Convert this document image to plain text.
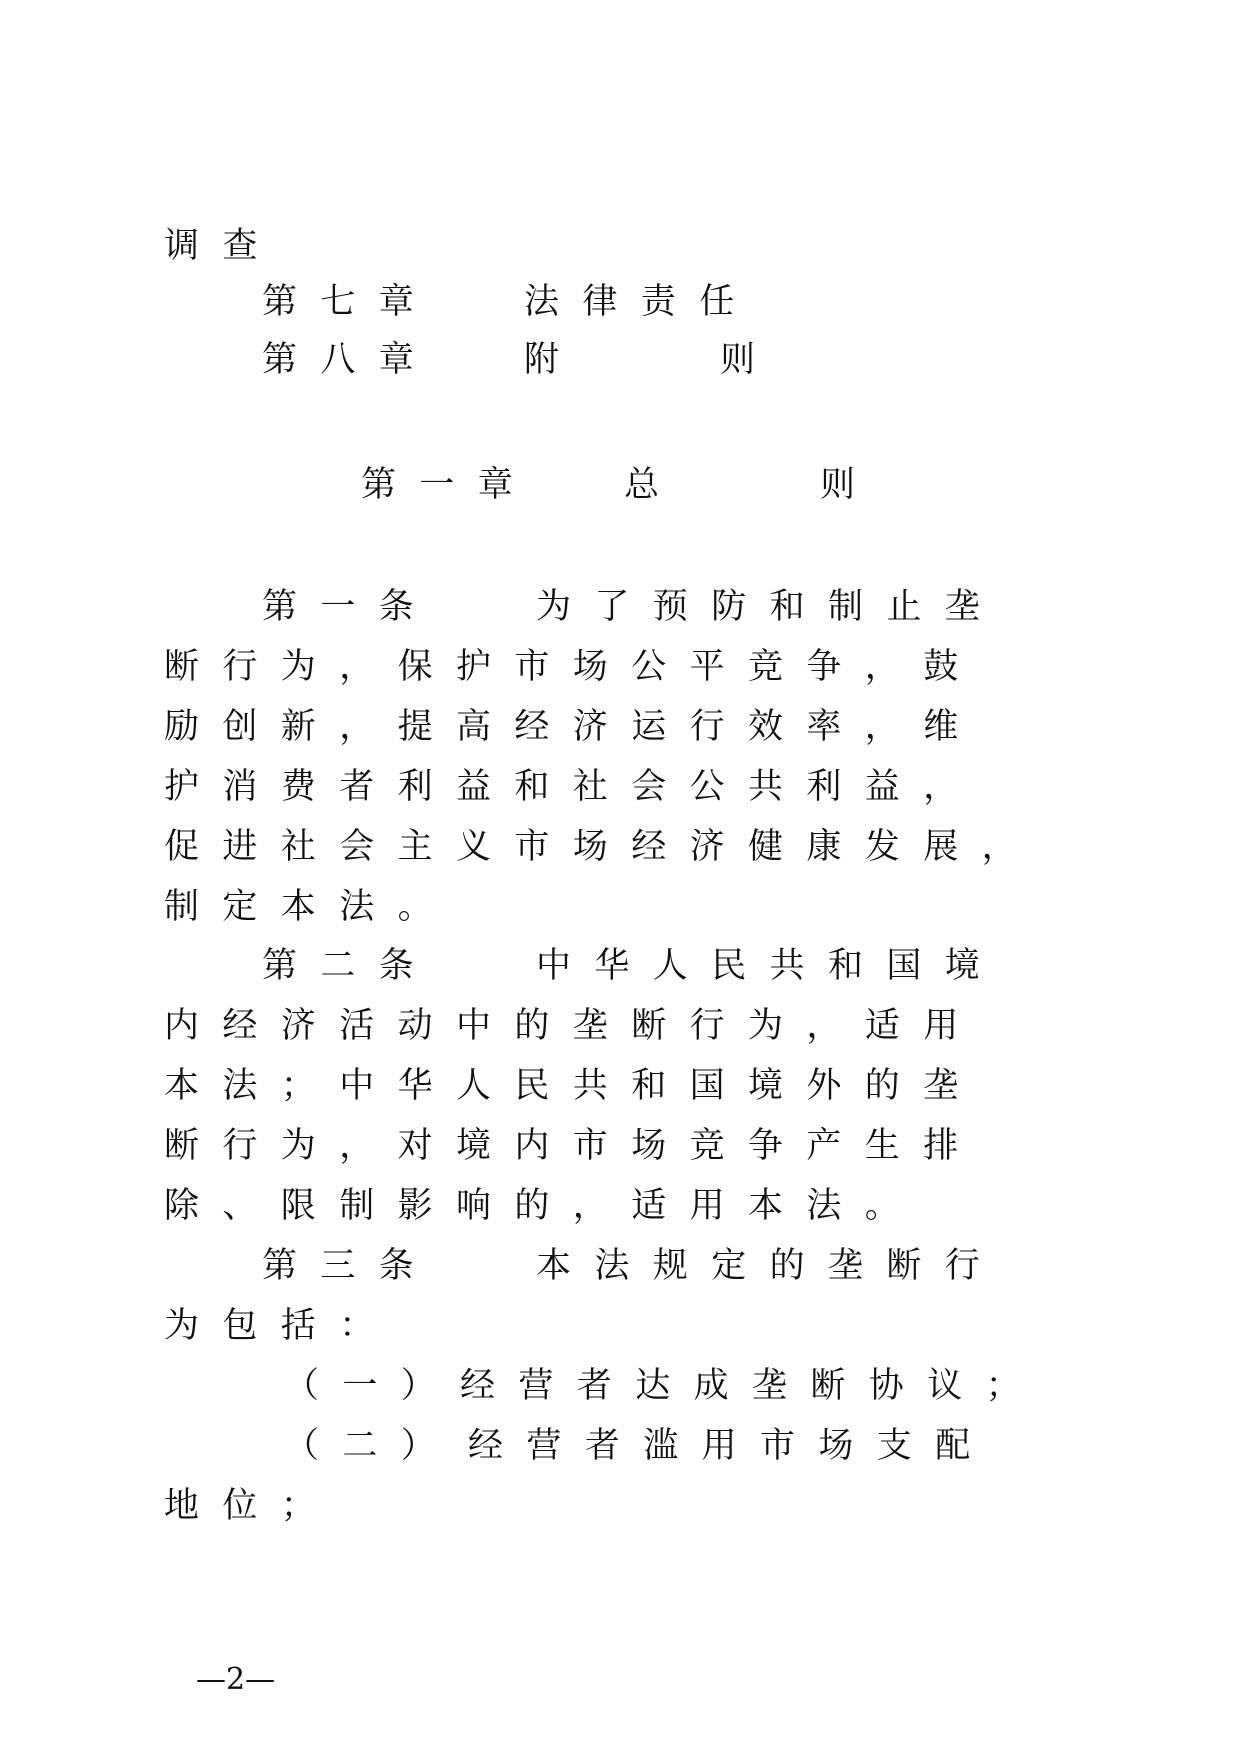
调 查
第 七 章	法 律 责 任
第 八 章	附	则
第 一 章	总	则
第 一 条	为 了 预 防 和 制 止 垄
断 行 为 ， 保 护 市 场 公 平 竞 争 ， 鼓
励 创 新 ， 提 高 经 济 运 行 效 率 ， 维
护 消 费 者 利 益 和 社 会 公 共 利 益 ，
促 进 社 会 主 义 市 场 经 济 健 康 发 展 ，
制 定 本 法 。
第 二 条	中 华 人 民 共 和 国 境
内 经 济 活 动 中 的 垄 断 行 为 ， 适 用
本 法 ； 中 华 人 民 共 和 国 境 外 的 垄
断 行 为 ， 对 境 内 市 场 竞 争 产 生 排
除 、 限 制 影 响 的 ， 适 用 本 法 。
第 三 条	本 法 规 定 的 垄 断 行
为 包 括 ：
（ 一 ） 经 营 者 达 成 垄 断 协 议 ；
（ 二 ） 经 营 者 滥 用 市 场 支 配
地 位 ；
—2—
